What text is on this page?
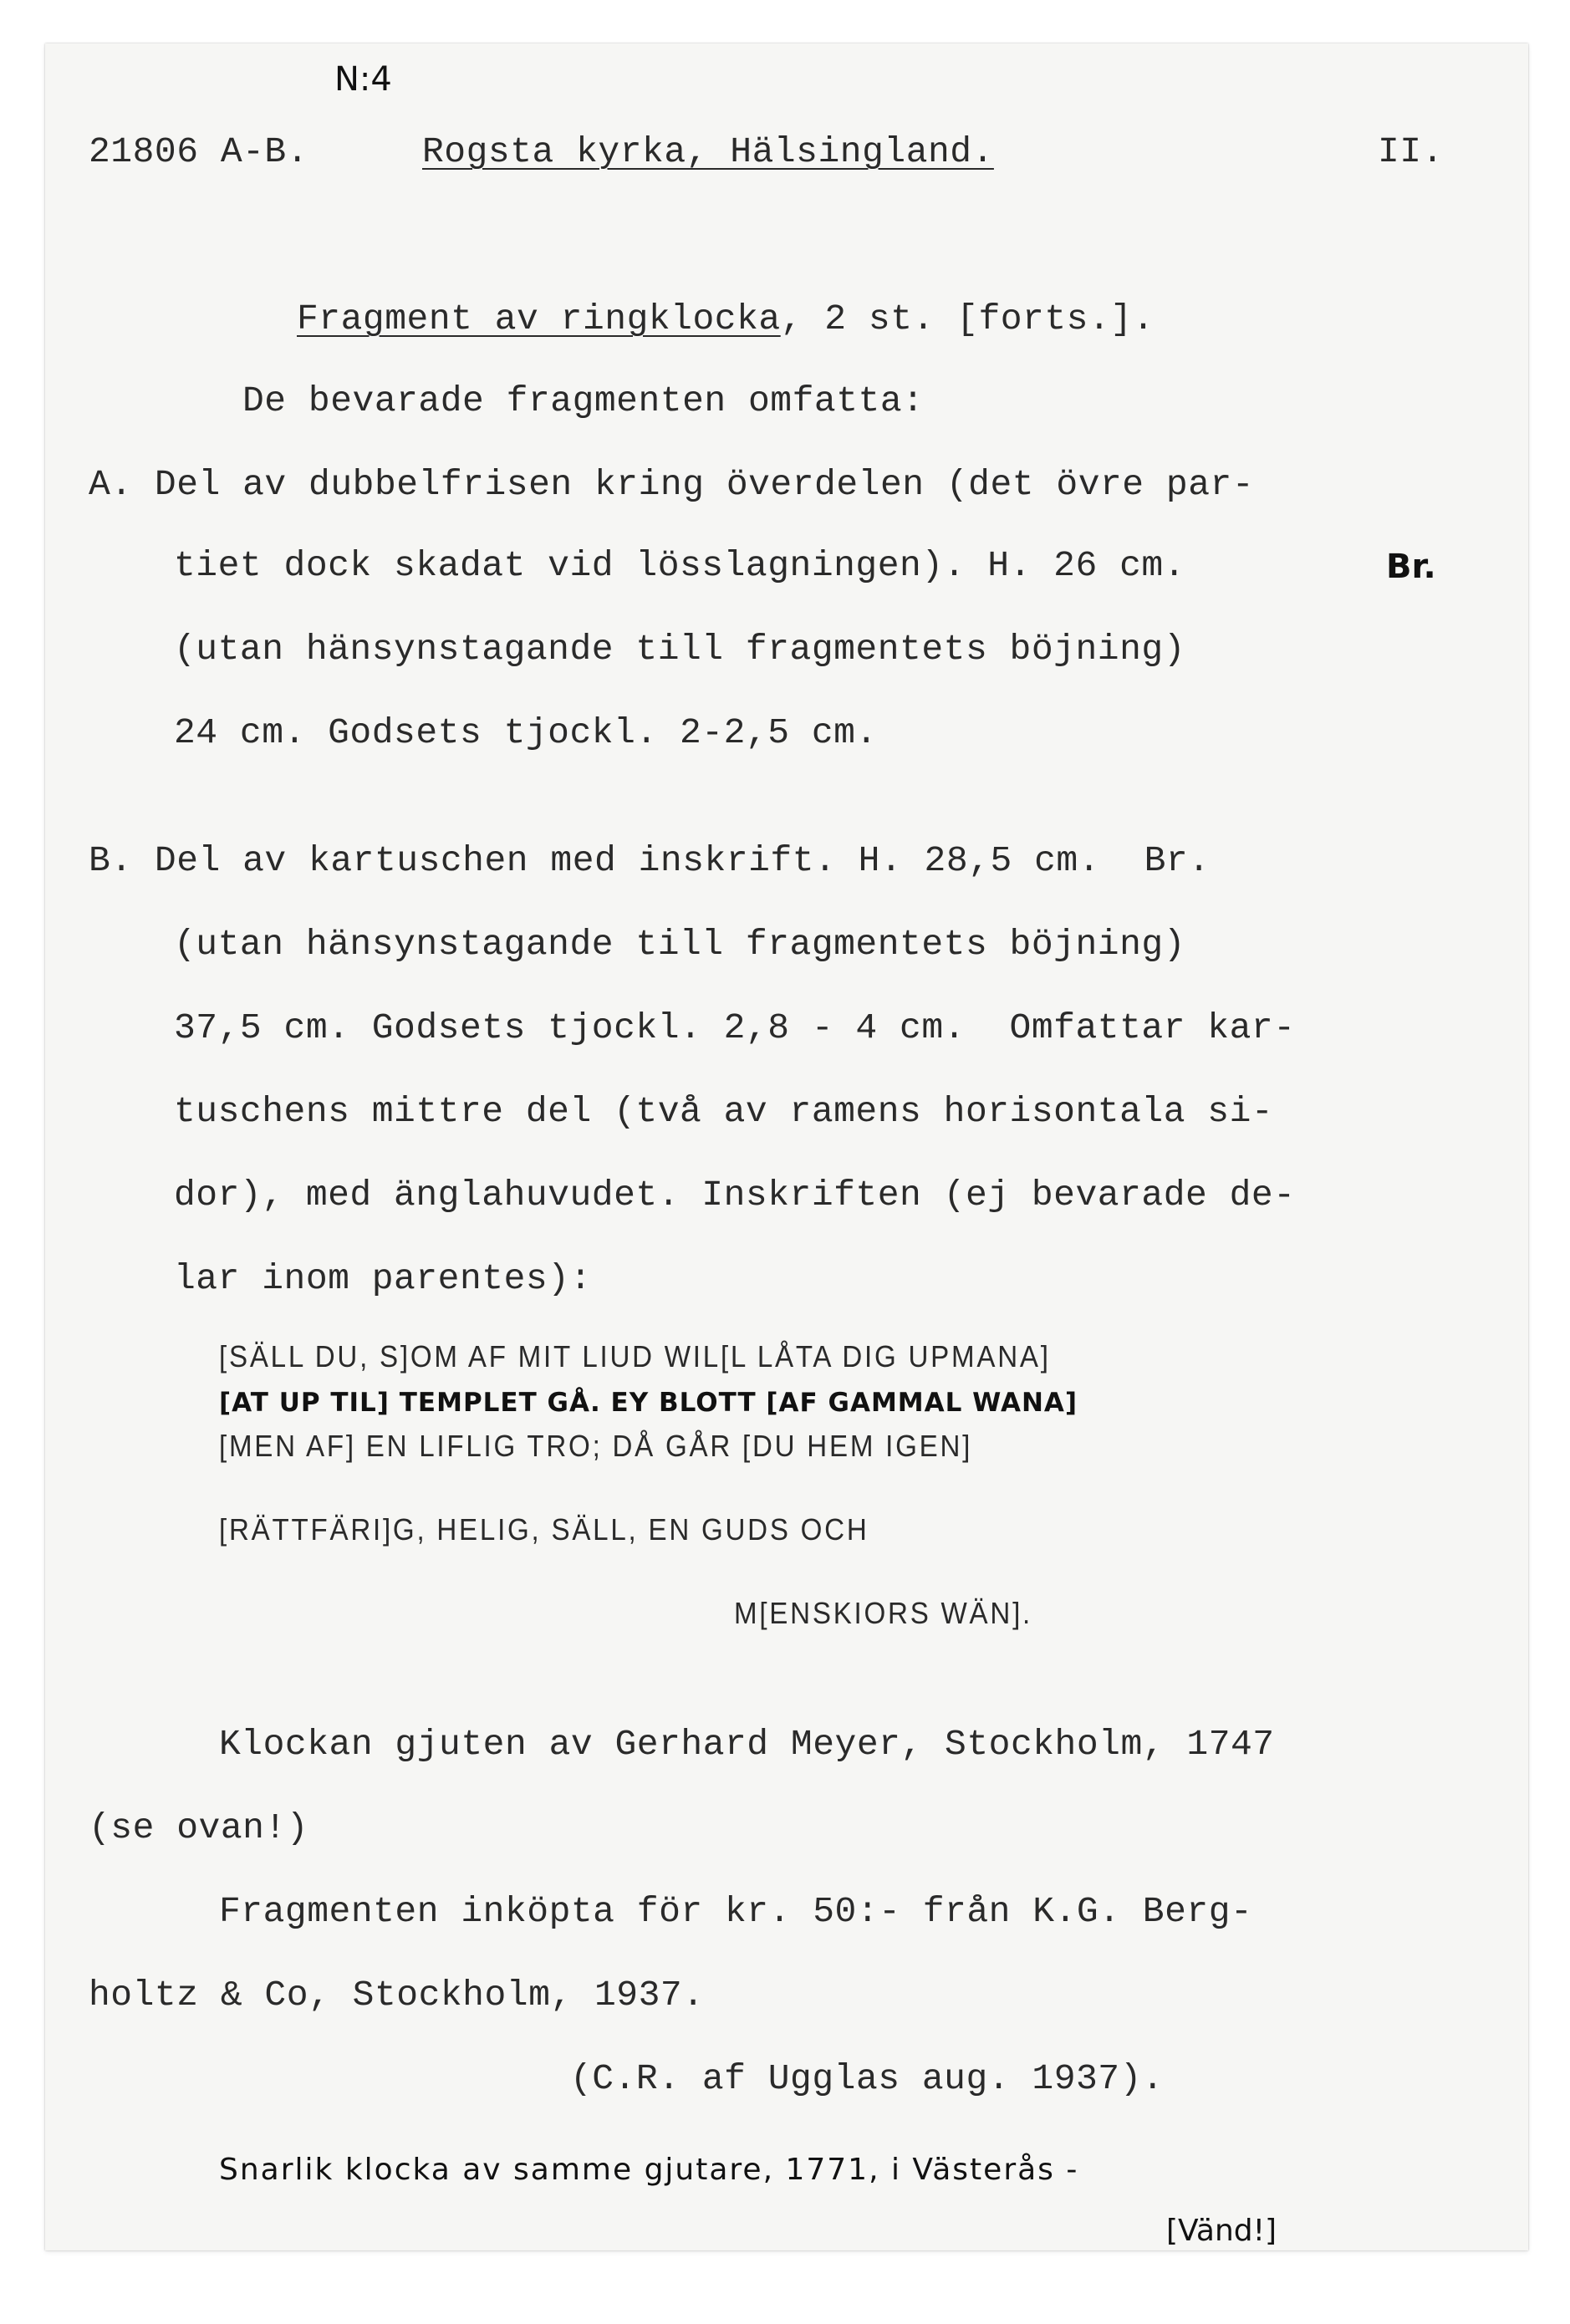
N:4
21806 A-B.	Rogsta kyrka, Hälsingland.	II.
Fragment av ringklocka, 2 st. [forts.].
De bevarade fragmenten omfatta:
A. Del av dubbelfrisen kring överdelen (det övre par-
tiet dock skadat vid lösslagningen). H. 26 cm.	Br.
(utan hänsynstagande till fragmentets böjning)
24 cm. Godsets tjockl. 2-2,5 cm.
B. Del av kartuschen med inskrift. H. 28,5 cm.  Br.
(utan hänsynstagande till fragmentets böjning)
37,5 cm. Godsets tjockl. 2,8 - 4 cm.  Omfattar kar-
tuschens mittre del (två av ramens horisontala si-
dor), med änglahuvudet. Inskriften (ej bevarade de-
lar inom parentes):
[SÄLL DU, S]OM AF MIT LIUD WIL[L LÅTA DIG UPMANA]
[AT UP TIL] TEMPLET GÅ. EY BLOTT [AF GAMMAL WANA]
[MEN AF] EN LIFLIG TRO; DÅ GÅR [DU HEM IGEN]
[RÄTTFÄRI]G, HELIG, SÄLL, EN GUDS OCH
M[ENSKIORS WÄN].
Klockan gjuten av Gerhard Meyer, Stockholm, 1747
(se ovan!)
Fragmenten inköpta för kr. 50:- från K.G. Berg-
holtz & Co, Stockholm, 1937.
(C.R. af Ugglas aug. 1937).
Snarlik klocka av samme gjutare, 1771, i Västerås -
[Vänd!]
